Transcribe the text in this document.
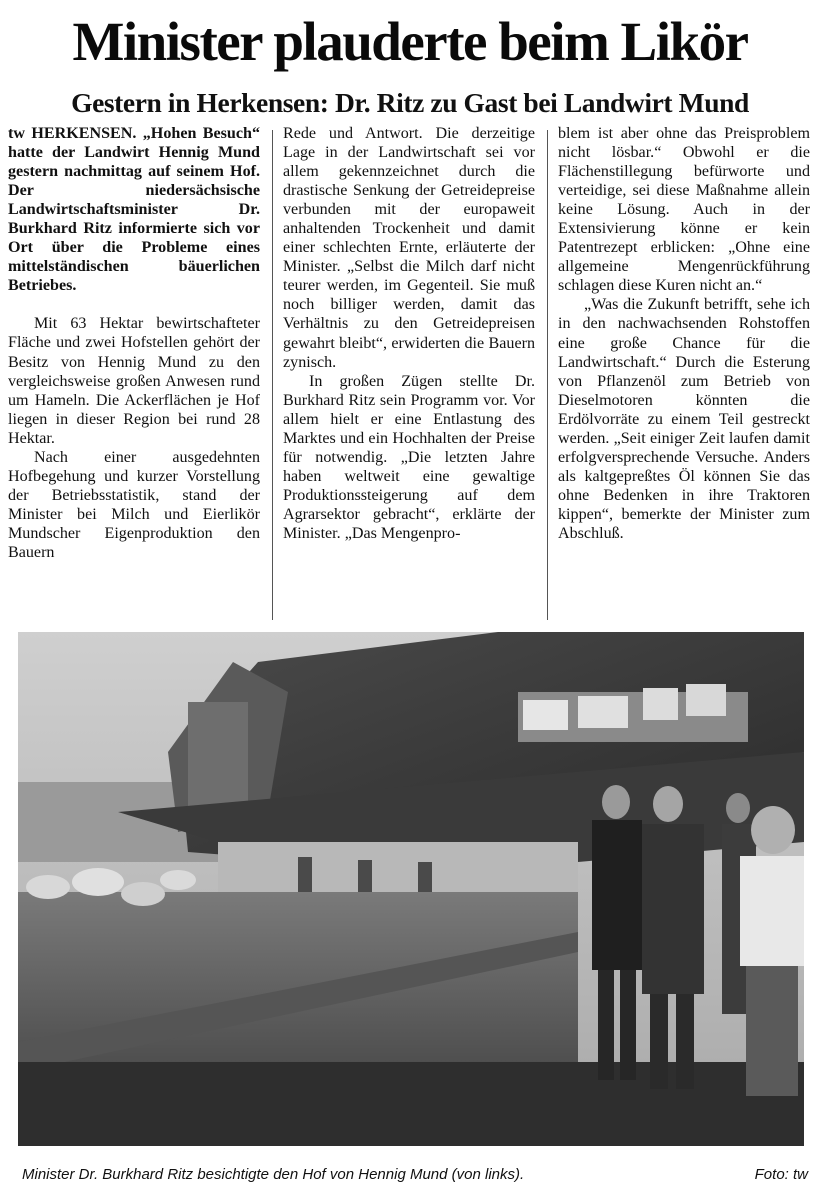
Minister plauderte beim Likör
Gestern in Herkensen: Dr. Ritz zu Gast bei Landwirt Mund

tw HERKENSEN. „Hohen Besuch“ hatte der Landwirt Hennig Mund gestern nachmittag auf seinem Hof. Der niedersächsische Landwirtschaftsminister Dr. Burkhard Ritz informierte sich vor Ort über die Probleme eines mittelständischen bäuerlichen Betriebes.

Mit 63 Hektar bewirtschafteter Fläche und zwei Hofstellen gehört der Besitz von Hennig Mund zu den vergleichsweise großen Anwesen rund um Hameln. Die Ackerflächen je Hof liegen in dieser Region bei rund 28 Hektar.

Nach einer ausgedehnten Hofbegehung und kurzer Vorstellung der Betriebsstatistik, stand der Minister bei Milch und Eierlikör Mundscher Eigenproduktion den Bauern

Rede und Antwort. Die derzeitige Lage in der Landwirtschaft sei vor allem gekennzeichnet durch die drastische Senkung der Getreidepreise verbunden mit der europaweit anhaltenden Trockenheit und damit einer schlechten Ernte, erläuterte der Minister. „Selbst die Milch darf nicht teurer werden, im Gegenteil. Sie muß noch billiger werden, damit das Verhältnis zu den Getreidepreisen gewahrt bleibt“, erwiderten die Bauern zynisch.

In großen Zügen stellte Dr. Burkhard Ritz sein Programm vor. Vor allem hielt er eine Entlastung des Marktes und ein Hochhalten der Preise für notwendig. „Die letzten Jahre haben weltweit eine gewaltige Produktionssteigerung auf dem Agrarsektor gebracht“, erklärte der Minister. „Das Mengenpro-

blem ist aber ohne das Preisproblem nicht lösbar.“ Obwohl er die Flächenstillegung befürworte und verteidige, sei diese Maßnahme allein keine Lösung. Auch in der Extensivierung könne er kein Patentrezept erblicken: „Ohne eine allgemeine Mengenrückführung schlagen diese Kuren nicht an.“

„Was die Zukunft betrifft, sehe ich in den nachwachsenden Rohstoffen eine große Chance für die Landwirtschaft.“ Durch die Esterung von Pflanzenöl zum Betrieb von Dieselmotoren könnten die Erdölvorräte zu einem Teil gestreckt werden. „Seit einiger Zeit laufen damit erfolgversprechende Versuche. Anders als kaltgepreßtes Öl können Sie das ohne Bedenken in ihre Traktoren kippen“, bemerkte der Minister zum Abschluß.

Minister Dr. Burkhard Ritz besichtigte den Hof von Hennig Mund (von links).	Foto: tw
